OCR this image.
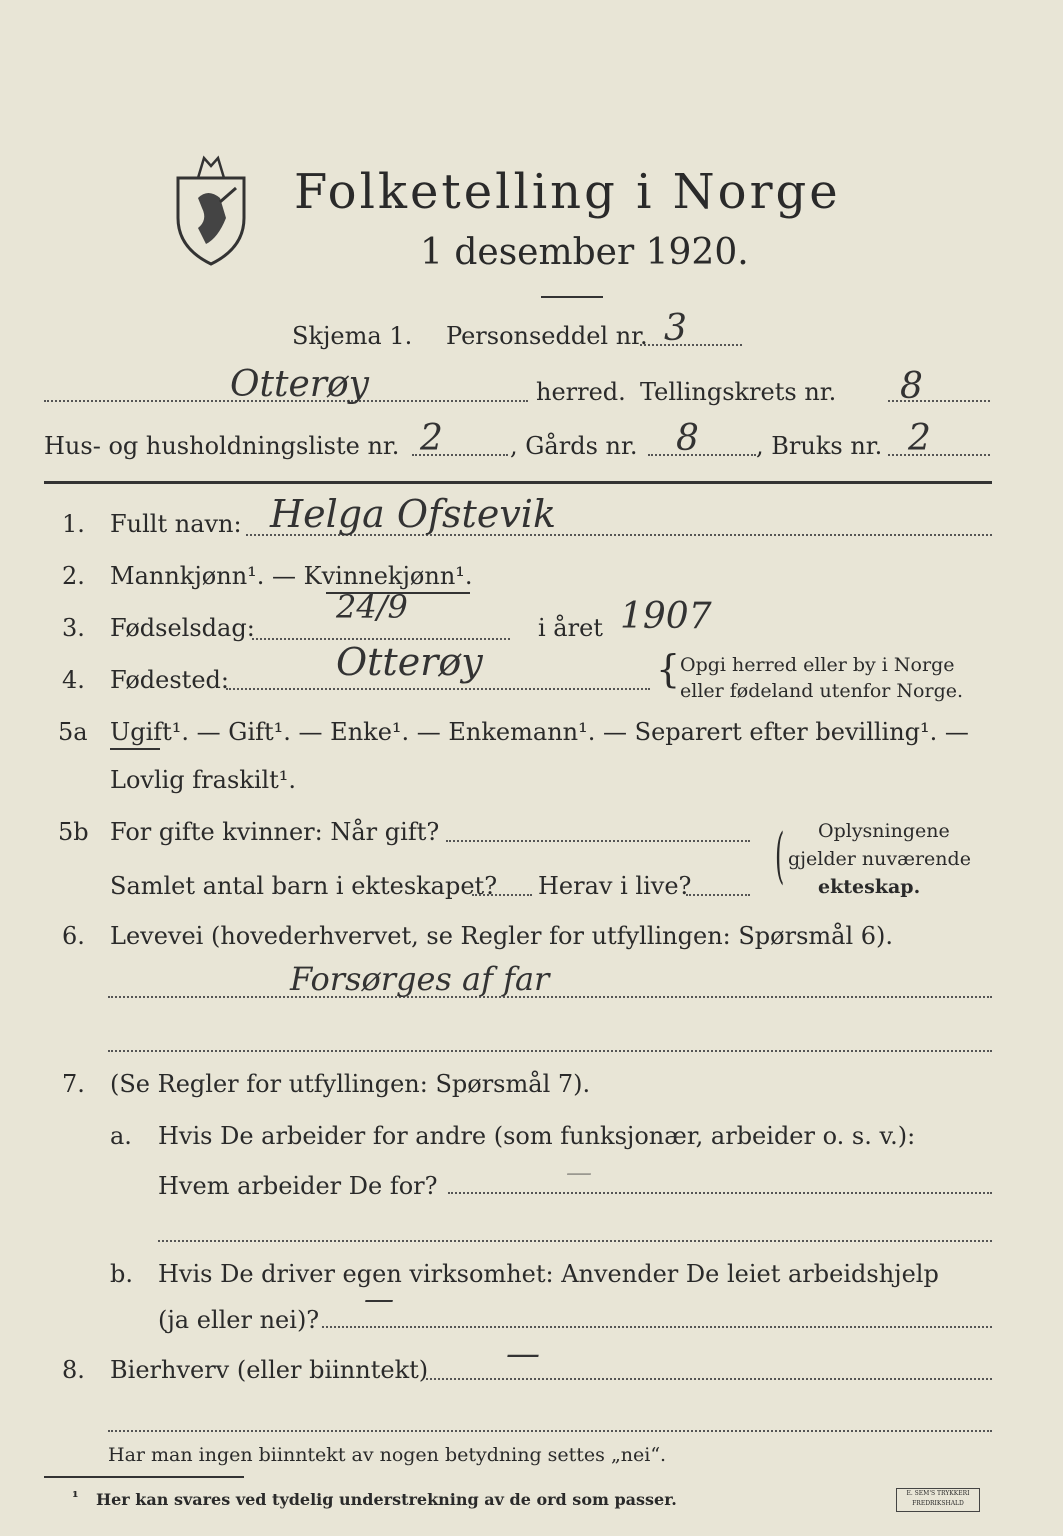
Folketelling i Norge
1 desember 1920.
Skjema 1. Personseddel nr. 3
Otterøy	herred. Tellingskrets nr. 8
Hus- og husholdningsliste nr. 2	, Gårds nr. 8 , Bruks nr. 2
1. Fullt navn: Helga Ofstevik
2. Mannkjønn¹. — Kvinnekjønn¹.
3. Fødselsdag:
24/9
i året 1907
4. Fødested:	Otterøy	{ Opgi herred eller by i Norge
eller fødeland utenfor Norge.
5a Ugift¹. — Gift¹. — Enke¹. — Enkemann¹. — Separert efter bevilling¹. —
Lovlig fraskilt¹.
5b For gifte kvinner: Når gift?
Samlet antal barn i ekteskapet? Herav i live? ( Oplysningene
gjelder nuværende
ekteskap.
6. Levevei (hovederhvervet, se Regler for utfyllingen: Spørsmål 6).
Forsørges af far
7. (Se Regler for utfyllingen: Spørsmål 7).
a. Hvis De arbeider for andre (som funksjonær, arbeider o. s. v.):
Hvem arbeider De for?	—
b. Hvis De driver egen virksomhet: Anvender De leiet arbeidshjelp
(ja eller nei)?
—
8. Bierhverv (eller biinntekt) —
Har man ingen biinntekt av nogen betydning settes „nei“.
¹ Her kan svares ved tydelig understrekning av de ord som passer.	E. SEM'S TRYKKERI FREDRIKSHALD
